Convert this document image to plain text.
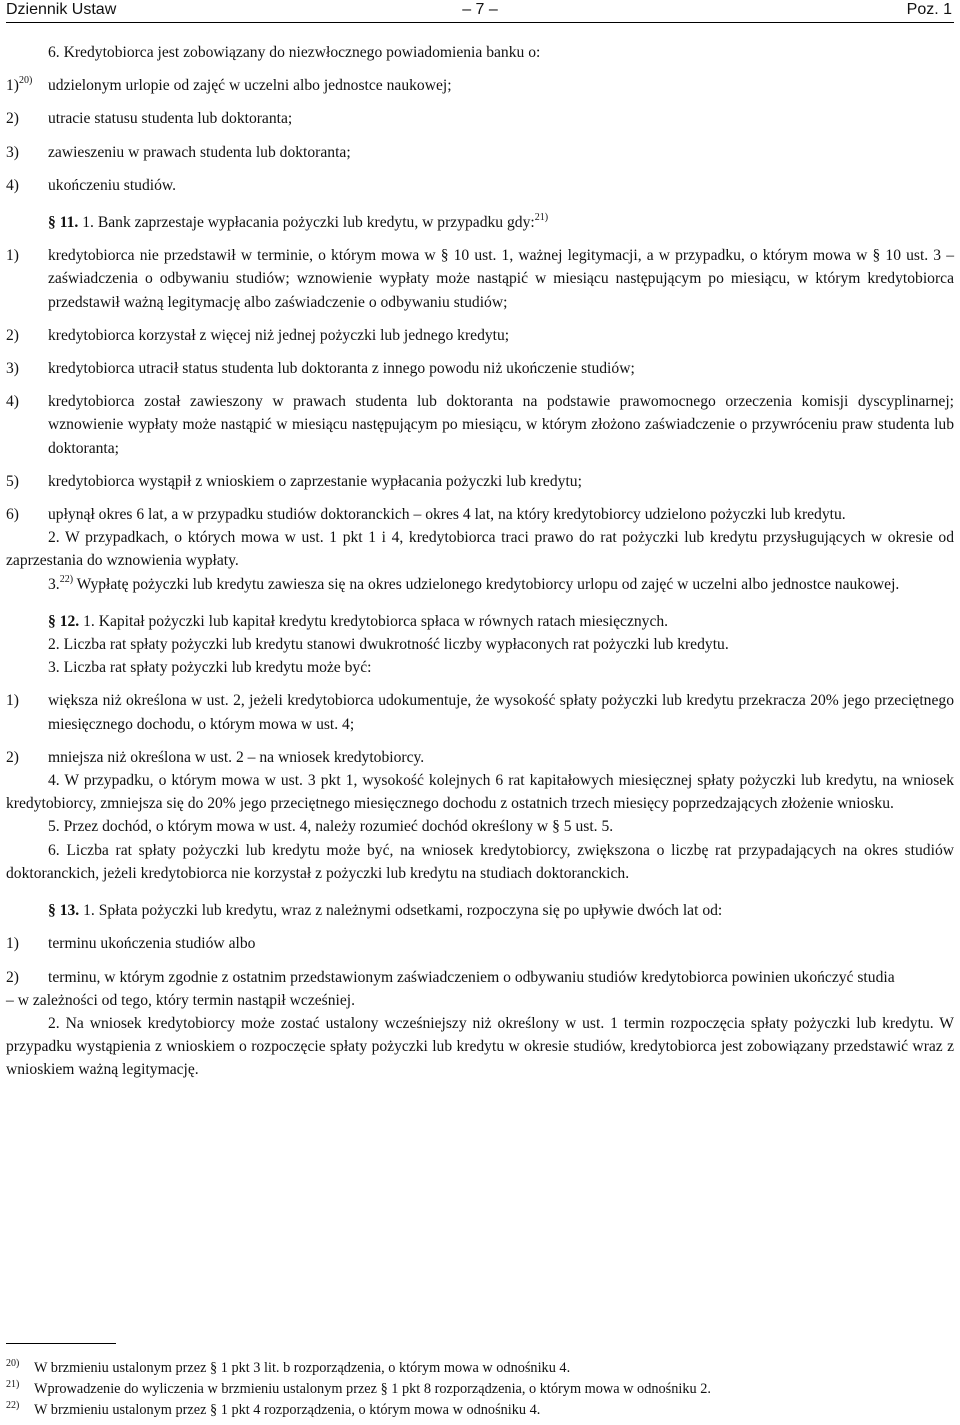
Dziennik Ustaw	– 7 –	Poz. 1

6. Kredytobiorca jest zobowiązany do niezwłocznego powiadomienia banku o:

1)$^{20)}$	udzielonym urlopie od zajęć w uczelni albo jednostce naukowej;
2)	utracie statusu studenta lub doktoranta;
3)	zawieszeniu w prawach studenta lub doktoranta;
4)	ukończeniu studiów.

§ 11. 1. Bank zaprzestaje wypłacania pożyczki lub kredytu, w przypadku gdy:$^{21)}$

1)	kredytobiorca nie przedstawił w terminie, o którym mowa w § 10 ust. 1, ważnej legitymacji, a w przypadku, o którym mowa w § 10 ust. 3 – zaświadczenia o odbywaniu studiów; wznowienie wypłaty może nastąpić w miesiącu następującym po miesiącu, w którym kredytobiorca przedstawił ważną legitymację albo zaświadczenie o odbywaniu studiów;
2)	kredytobiorca korzystał z więcej niż jednej pożyczki lub jednego kredytu;
3)	kredytobiorca utracił status studenta lub doktoranta z innego powodu niż ukończenie studiów;
4)	kredytobiorca został zawieszony w prawach studenta lub doktoranta na podstawie prawomocnego orzeczenia komisji dyscyplinarnej; wznowienie wypłaty może nastąpić w miesiącu następującym po miesiącu, w którym złożono zaświadczenie o przywróceniu praw studenta lub doktoranta;
5)	kredytobiorca wystąpił z wnioskiem o zaprzestanie wypłacania pożyczki lub kredytu;
6)	upłynął okres 6 lat, a w przypadku studiów doktoranckich – okres 4 lat, na który kredytobiorcy udzielono pożyczki lub kredytu.

2. W przypadkach, o których mowa w ust. 1 pkt 1 i 4, kredytobiorca traci prawo do rat pożyczki lub kredytu przysługujących w okresie od zaprzestania do wznowienia wypłaty.

3.$^{22)}$ Wypłatę pożyczki lub kredytu zawiesza się na okres udzielonego kredytobiorcy urlopu od zajęć w uczelni albo jednostce naukowej.

§ 12. 1. Kapitał pożyczki lub kapitał kredytu kredytobiorca spłaca w równych ratach miesięcznych.

2. Liczba rat spłaty pożyczki lub kredytu stanowi dwukrotność liczby wypłaconych rat pożyczki lub kredytu.

3. Liczba rat spłaty pożyczki lub kredytu może być:

1)	większa niż określona w ust. 2, jeżeli kredytobiorca udokumentuje, że wysokość spłaty pożyczki lub kredytu przekracza 20% jego przeciętnego miesięcznego dochodu, o którym mowa w ust. 4;
2)	mniejsza niż określona w ust. 2 – na wniosek kredytobiorcy.

4. W przypadku, o którym mowa w ust. 3 pkt 1, wysokość kolejnych 6 rat kapitałowych miesięcznej spłaty pożyczki lub kredytu, na wniosek kredytobiorcy, zmniejsza się do 20% jego przeciętnego miesięcznego dochodu z ostatnich trzech miesięcy poprzedzających złożenie wniosku.

5. Przez dochód, o którym mowa w ust. 4, należy rozumieć dochód określony w § 5 ust. 5.

6. Liczba rat spłaty pożyczki lub kredytu może być, na wniosek kredytobiorcy, zwiększona o liczbę rat przypadających na okres studiów doktoranckich, jeżeli kredytobiorca nie korzystał z pożyczki lub kredytu na studiach doktoranckich.

§ 13. 1. Spłata pożyczki lub kredytu, wraz z należnymi odsetkami, rozpoczyna się po upływie dwóch lat od:

1)	terminu ukończenia studiów albo
2)	terminu, w którym zgodnie z ostatnim przedstawionym zaświadczeniem o odbywaniu studiów kredytobiorca powinien ukończyć studia

– w zależności od tego, który termin nastąpił wcześniej.

2. Na wniosek kredytobiorcy może zostać ustalony wcześniejszy niż określony w ust. 1 termin rozpoczęcia spłaty pożyczki lub kredytu. W przypadku wystąpienia z wnioskiem o rozpoczęcie spłaty pożyczki lub kredytu w okresie studiów, kredytobiorca jest zobowiązany przedstawić wraz z wnioskiem ważną legitymację.

20)	W brzmieniu ustalonym przez § 1 pkt 3 lit. b rozporządzenia, o którym mowa w odnośniku 4.
21)	Wprowadzenie do wyliczenia w brzmieniu ustalonym przez § 1 pkt 8 rozporządzenia, o którym mowa w odnośniku 2.
22)	W brzmieniu ustalonym przez § 1 pkt 4 rozporządzenia, o którym mowa w odnośniku 4.
